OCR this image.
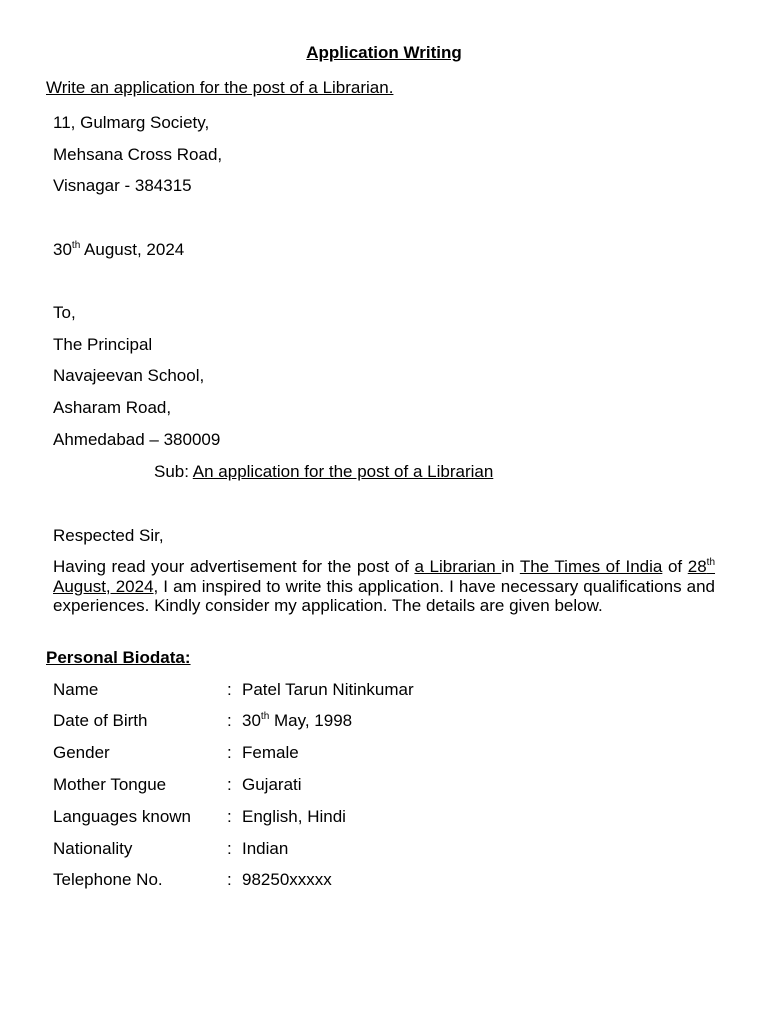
Application Writing
Write an application for the post of a Librarian.
11, Gulmarg Society,
Mehsana Cross Road,
Visnagar - 384315
30th August, 2024
To,
The Principal
Navajeevan School,
Asharam Road,
Ahmedabad – 380009
Sub: An application for the post of a Librarian
Respected Sir,
Having read your advertisement for the post of a Librarian in The Times of India of 28th August, 2024, I am inspired to write this application. I have necessary qualifications and experiences. Kindly consider my application. The details are given below.
Personal Biodata:
Name	: Patel Tarun Nitinkumar
Date of Birth	: 30th May, 1998
Gender	: Female
Mother Tongue	: Gujarati
Languages known : English, Hindi
Nationality	: Indian
Telephone No.	: 98250xxxxx
